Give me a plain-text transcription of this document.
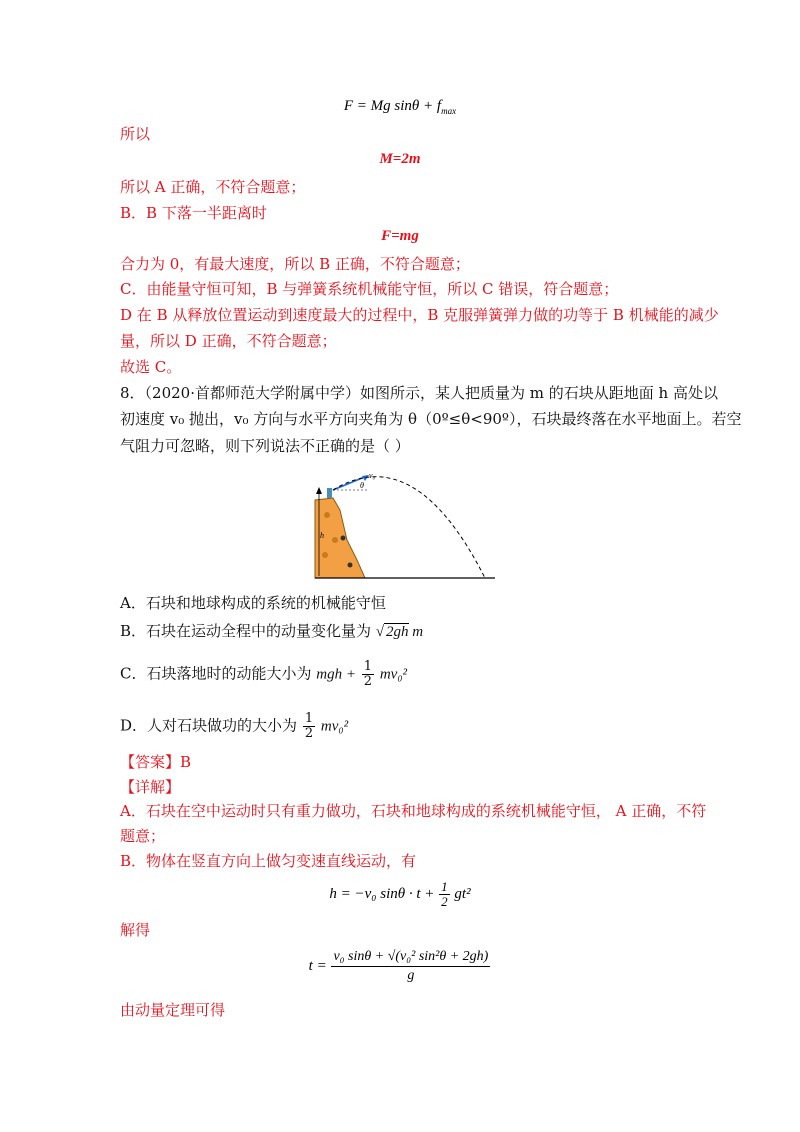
F = Mg $\sin\theta + f_{max}$
所以
M=2m
所以 A 正确，不符合题意；
B．B 下落一半距离时
F=mg
合力为 0，有最大速度，所以 B 正确，不符合题意；
C．由能量守恒可知，B 与弹簧系统机械能守恒，所以 C 错误，符合题意；
D 在 B 从释放位置运动到速度最大的过程中，B 克服弹簧弹力做的功等于 B 机械能的减少
量，所以 D 正确，不符合题意；
故选 C。
8．（2020·首都师范大学附属中学）如图所示，某人把质量为 m 的石块从距地面 h 高处以
初速度 v₀ 抛出，v₀ 方向与水平方向夹角为 θ（0º≤θ<90º），石块最终落在水平地面上。若空
气阻力可忽略，则下列说法不正确的是（ ）
v₀
θ
h
A．石块和地球构成的系统的机械能守恒
B．石块在运动全程中的动量变化量为 √ 2gh m
C．石块落地时的动能大小为 mgh + $\frac{1}{2} mv_0^2$
D．人对石块做功的大小为 $\frac{1}{2} mv_0^2$
【答案】B
【详解】
A．石块在空中运动时只有重力做功，石块和地球构成的系统机械能守恒， A 正确，不符
题意；
B．物体在竖直方向上做匀变速直线运动，有
h = −v₀ $\sin\theta \cdot t + \frac{1}{2} gt^2$
解得
$t = \frac{\text{v₀ sinθ + √(v₀² sin²θ + 2gh)}}{g}$
由动量定理可得
